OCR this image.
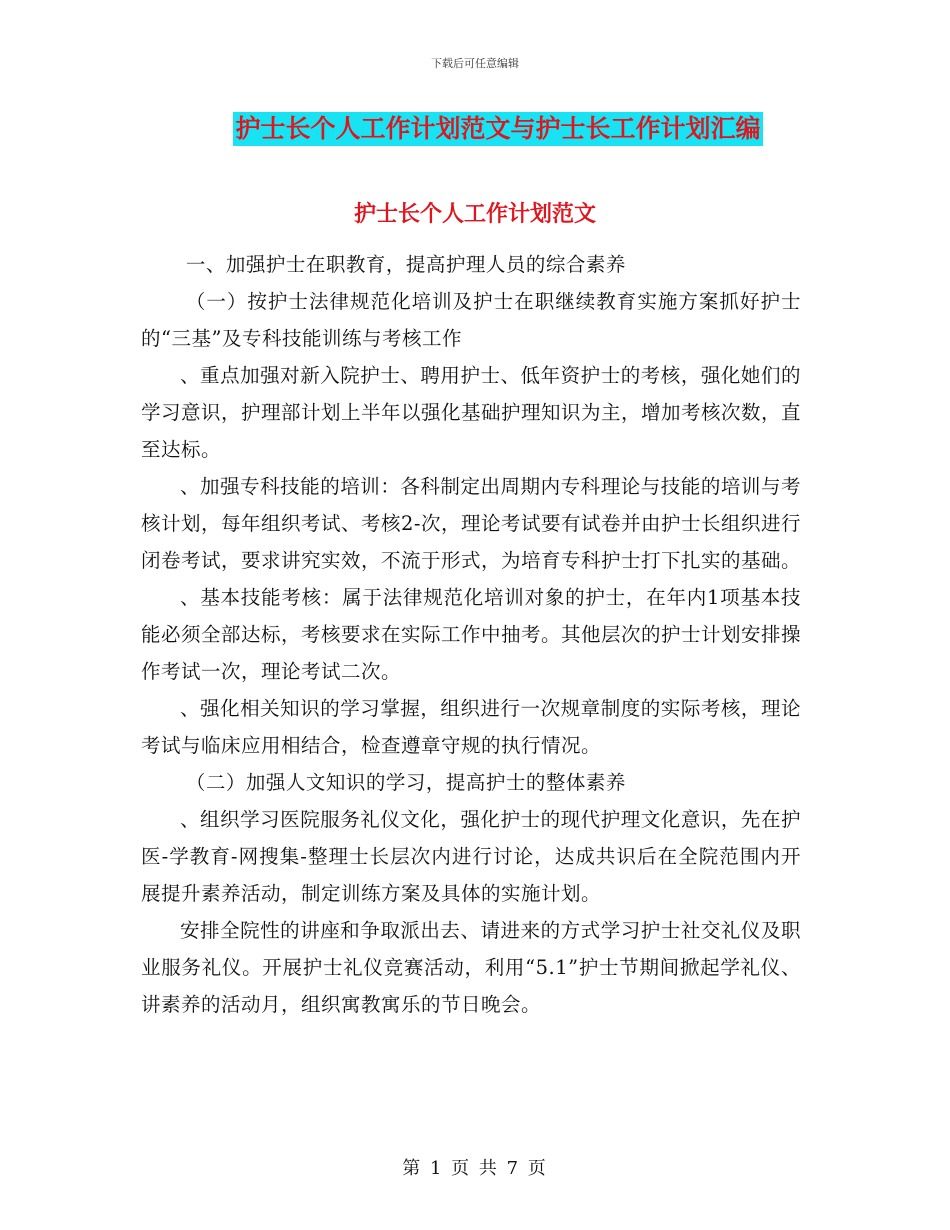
下载后可任意编辑
护士长个人工作计划范文与护士长工作计划汇编
护士长个人工作计划范文

一、加强护士在职教育，提高护理人员的综合素养

（一）按护士法律规范化培训及护士在职继续教育实施方案抓好护士的“三基”及专科技能训练与考核工作

、重点加强对新入院护士、聘用护士、低年资护士的考核，强化她们的学习意识，护理部计划上半年以强化基础护理知识为主，增加考核次数，直至达标。

、加强专科技能的培训：各科制定出周期内专科理论与技能的培训与考核计划，每年组织考试、考核2-次，理论考试要有试卷并由护士长组织进行闭卷考试，要求讲究实效，不流于形式，为培育专科护士打下扎实的基础。

、基本技能考核：属于法律规范化培训对象的护士，在年内1项基本技能必须全部达标，考核要求在实际工作中抽考。其他层次的护士计划安排操作考试一次，理论考试二次。

、强化相关知识的学习掌握，组织进行一次规章制度的实际考核，理论考试与临床应用相结合，检查遵章守规的执行情况。

（二）加强人文知识的学习，提高护士的整体素养

、组织学习医院服务礼仪文化，强化护士的现代护理文化意识，先在护医-学教育-网搜集-整理士长层次内进行讨论，达成共识后在全院范围内开展提升素养活动，制定训练方案及具体的实施计划。

安排全院性的讲座和争取派出去、请进来的方式学习护士社交礼仪及职业服务礼仪。开展护士礼仪竞赛活动，利用“5.1”护士节期间掀起学礼仪、讲素养的活动月，组织寓教寓乐的节日晚会。

第 1 页 共 7 页
